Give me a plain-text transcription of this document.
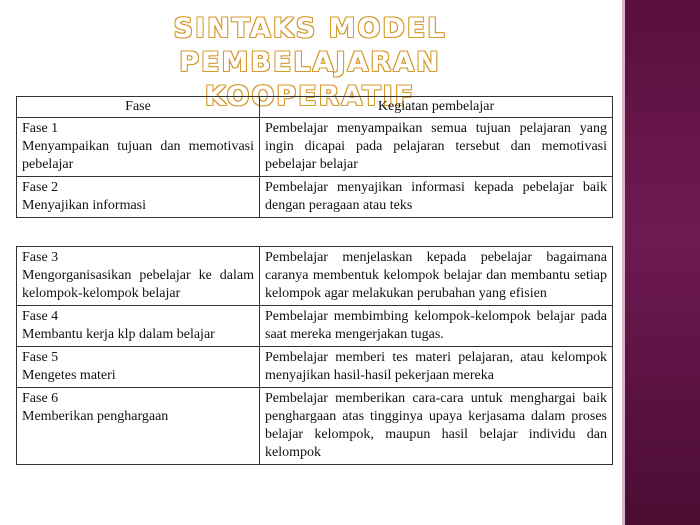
SINTAKS MODEL PEMBELAJARAN
KOOPERATIF
Fase	Kegiatan pembelajar

Fase 1
Menyampaikan tujuan dan memotivasi pebelajar	Pembelajar menyampaikan semua tujuan pelajaran yang ingin dicapai pada pelajaran tersebut dan memotivasi pebelajar belajar

Fase 2
Menyajikan informasi	Pembelajar menyajikan informasi kepada pebelajar baik dengan peragaan atau teks
Fase 3
Mengorganisasikan pebelajar ke dalam kelompok-kelompok belajar	Pembelajar menjelaskan kepada pebelajar bagaimana caranya membentuk kelompok belajar dan membantu setiap kelompok agar melakukan perubahan yang efisien

Fase 4
Membantu kerja klp dalam belajar	Pembelajar membimbing kelompok-kelompok belajar pada saat mereka mengerjakan tugas.

Fase 5
Mengetes materi	Pembelajar memberi tes materi pelajaran, atau kelompok menyajikan hasil-hasil pekerjaan mereka

Fase 6
Memberikan penghargaan	Pembelajar memberikan cara-cara untuk menghargai baik penghargaan atas tingginya upaya kerjasama dalam proses belajar kelompok, maupun hasil belajar individu dan kelompok
